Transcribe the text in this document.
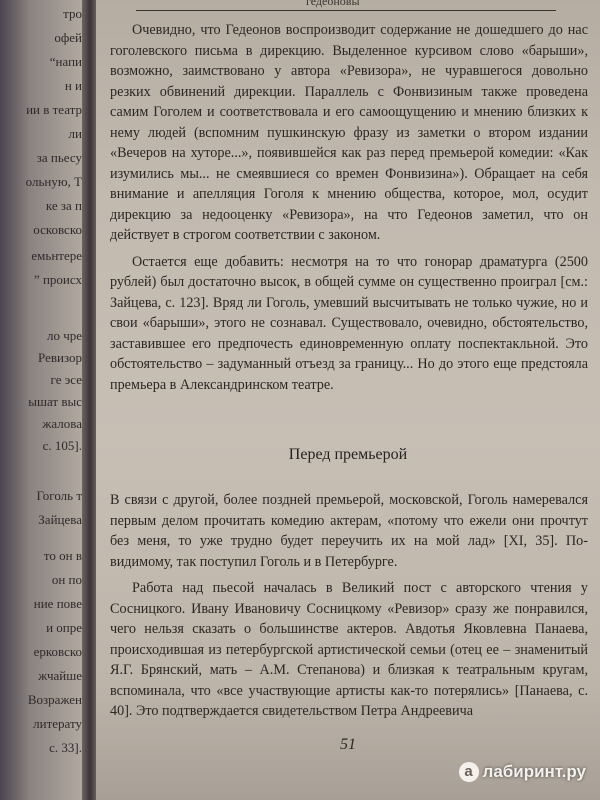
тро
офей
“напи
н и
ии в театр
ли
за пьесу
ольную, Т
ке за п
осковско
емьнтере
” происх
ло чре
Ревизор
ге эсе
ышат выс
жалова
с. 105].
Гоголь т
Зайцева
то он в
он по
ние пове
и опре
ерковско
жчайше
Возражен
литерату
с. 33].
гедеоновы

Очевидно, что Гедеонов воспроизводит содержание не дошедшего до нас гоголевского письма в дирекцию. Выделенное курсивом слово «барыши», возможно, заимствовано у автора «Ревизора», не чуравшегося довольно резких обвинений дирекции. Параллель с Фонвизиным также проведена самим Гоголем и соответствовала и его самоощущению и мнению близких к нему людей (вспомним пушкинскую фразу из заметки о втором издании «Вечеров на хуторе...», появившейся как раз перед премьерой комедии: «Как изумились мы... не смеявшиеся со времен Фонвизина»). Обращает на себя внимание и апелляция Гоголя к мнению общества, которое, мол, осудит дирекцию за недооценку «Ревизора», на что Гедеонов заметил, что он действует в строгом соответствии с законом.

Остается еще добавить: несмотря на то что гонорар драматурга (2500 рублей) был достаточно высок, в общей сумме он существенно проиграл [см.: Зайцева, с. 123]. Вряд ли Гоголь, умевший высчитывать не только чужие, но и свои «барыши», этого не сознавал. Существовало, очевидно, обстоятельство, заставившее его предпочесть единовременную оплату поспектакльной. Это обстоятельство – задуманный отъезд за границу... Но до этого еще предстояла премьера в Александринском театре.

Перед премьерой

В связи с другой, более поздней премьерой, московской, Гоголь намеревался первым делом прочитать комедию актерам, «потому что ежели они прочтут без меня, то уже трудно будет переучить их на мой лад» [XI, 35]. По-видимому, так поступил Гоголь и в Петербурге.

Работа над пьесой началась в Великий пост с авторского чтения у Сосницкого. Ивану Ивановичу Сосницкому «Ревизор» сразу же понравился, чего нельзя сказать о большинстве актеров. Авдотья Яковлевна Панаева, происходившая из петербургской артистической семьи (отец ее – знаменитый Я.Г. Брянский, мать – А.М. Степанова) и близкая к театральным кругам, вспоминала, что «все участвующие артисты как-то потерялись» [Панаева, с. 40]. Это подтверждается свидетельством Петра Андреевича

51
а лабиринт.ру
